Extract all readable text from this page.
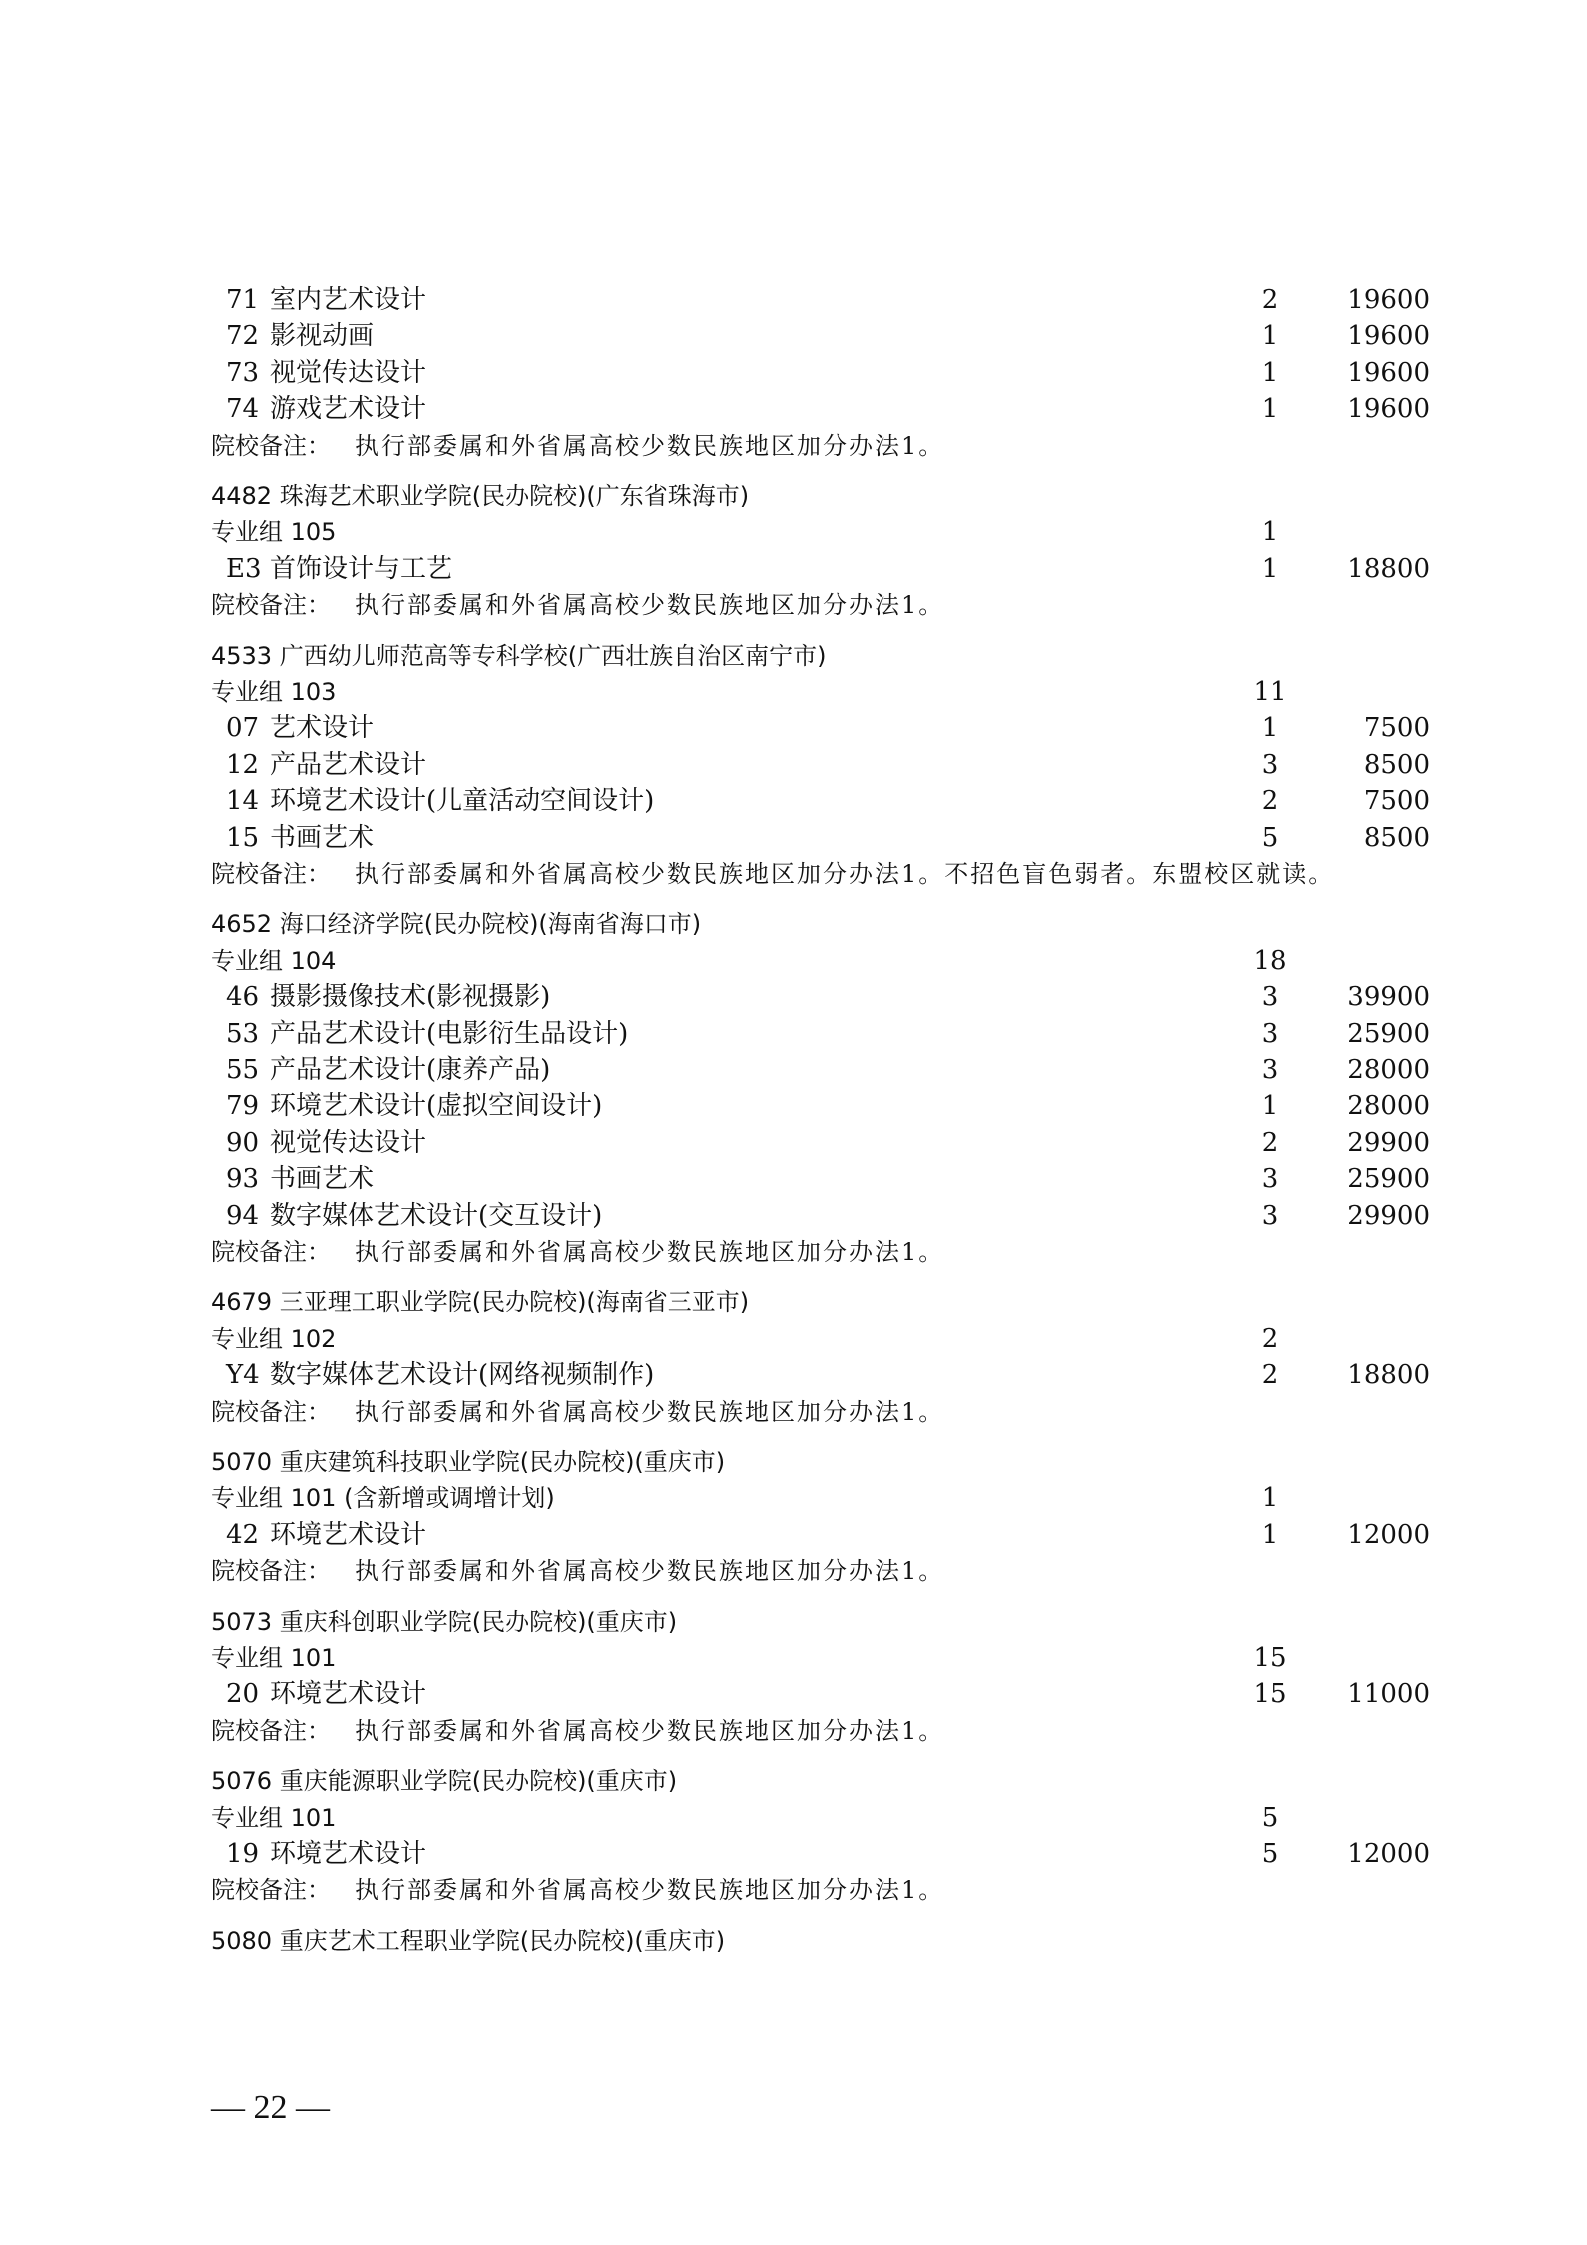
71 室内艺术设计	2	19600
72 影视动画	1	19600
73 视觉传达设计	1	19600
74 游戏艺术设计	1	19600
院校备注： 执行部委属和外省属高校少数民族地区加分办法1。
4482 珠海艺术职业学院(民办院校)(广东省珠海市)
专业组 105	1
E3 首饰设计与工艺	1	18800
院校备注： 执行部委属和外省属高校少数民族地区加分办法1。
4533 广西幼儿师范高等专科学校(广西壮族自治区南宁市)
专业组 103	11
07 艺术设计	1	7500
12 产品艺术设计	3	8500
14 环境艺术设计(儿童活动空间设计)	2	7500
15 书画艺术	5	8500
院校备注： 执行部委属和外省属高校少数民族地区加分办法1。不招色盲色弱者。东盟校区就读。
4652 海口经济学院(民办院校)(海南省海口市)
专业组 104	18
46 摄影摄像技术(影视摄影)	3	39900
53 产品艺术设计(电影衍生品设计)	3	25900
55 产品艺术设计(康养产品)	3	28000
79 环境艺术设计(虚拟空间设计)	1	28000
90 视觉传达设计	2	29900
93 书画艺术	3	25900
94 数字媒体艺术设计(交互设计)	3	29900
院校备注： 执行部委属和外省属高校少数民族地区加分办法1。
4679 三亚理工职业学院(民办院校)(海南省三亚市)
专业组 102	2
Y4 数字媒体艺术设计(网络视频制作)	2	18800
院校备注： 执行部委属和外省属高校少数民族地区加分办法1。
5070 重庆建筑科技职业学院(民办院校)(重庆市)
专业组 101 (含新增或调增计划)	1
42 环境艺术设计	1	12000
院校备注： 执行部委属和外省属高校少数民族地区加分办法1。
5073 重庆科创职业学院(民办院校)(重庆市)
专业组 101	15
20 环境艺术设计	15	11000
院校备注： 执行部委属和外省属高校少数民族地区加分办法1。
5076 重庆能源职业学院(民办院校)(重庆市)
专业组 101	5
19 环境艺术设计	5	12000
院校备注： 执行部委属和外省属高校少数民族地区加分办法1。
5080 重庆艺术工程职业学院(民办院校)(重庆市)
— 22 —
